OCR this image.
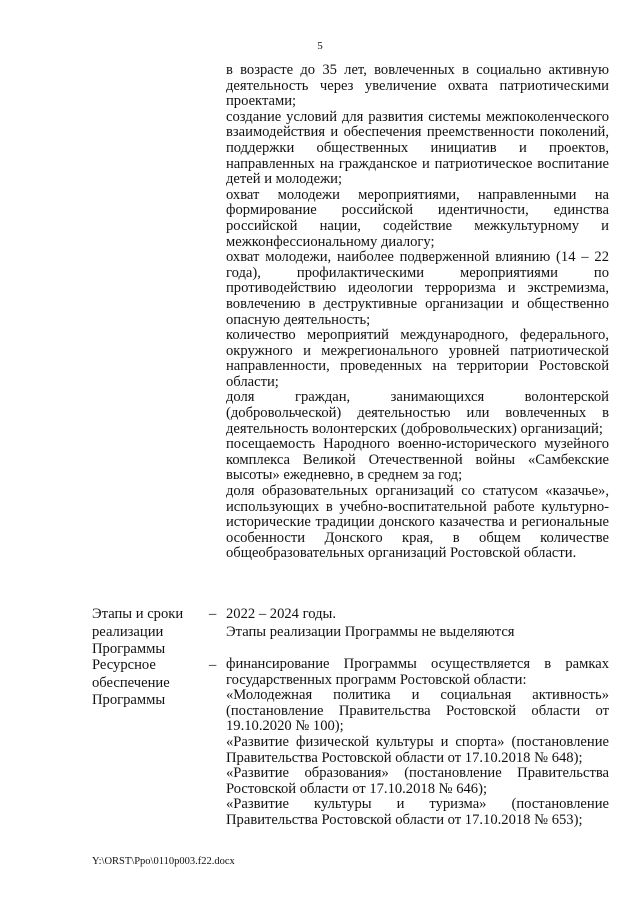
5

в возрасте до 35 лет, вовлеченных в социально активную деятельность через увеличение охвата патриотическими проектами;

создание условий для развития системы межпоколенческого взаимодействия и обеспечения преемственности поколений, поддержки общественных инициатив и проектов, направленных на гражданское и патриотическое воспитание детей и молодежи;

охват молодежи мероприятиями, направленными на формирование российской идентичности, единства российской нации, содействие межкультурному и межконфессиональному диалогу;

охват молодежи, наиболее подверженной влиянию (14 – 22 года), профилактическими мероприятиями по противодействию идеологии терроризма и экстремизма, вовлечению в деструктивные организации и общественно опасную деятельность;

количество мероприятий международного, федерального, окружного и межрегионального уровней патриотической направленности, проведенных на территории Ростовской области;

доля граждан, занимающихся волонтерской (добровольческой) деятельностью или вовлеченных в деятельность волонтерских (добровольческих) организаций;

посещаемость Народного военно-исторического музейного комплекса Великой Отечественной войны «Самбекские высоты» ежедневно, в среднем за год;

доля образовательных организаций со статусом «казачье», использующих в учебно-воспитательной работе культурно-исторические традиции донского казачества и региональные особенности Донского края, в общем количестве общеобразовательных организаций Ростовской области.

Этапы и сроки реализации Программы
– 2022 – 2024 годы.

Этапы реализации Программы не выделяются

Ресурсное обеспечение Программы
– финансирование Программы осуществляется в рамках государственных программ Ростовской области:

«Молодежная политика и социальная активность» (постановление Правительства Ростовской области от 19.10.2020 № 100);

«Развитие физической культуры и спорта» (постановление Правительства Ростовской области от 17.10.2018 № 648);

«Развитие образования» (постановление Правительства Ростовской области от 17.10.2018 № 646);

«Развитие культуры и туризма» (постановление Правительства Ростовской области от 17.10.2018 № 653);

Y:\ORST\Ppo\0110p003.f22.docx
